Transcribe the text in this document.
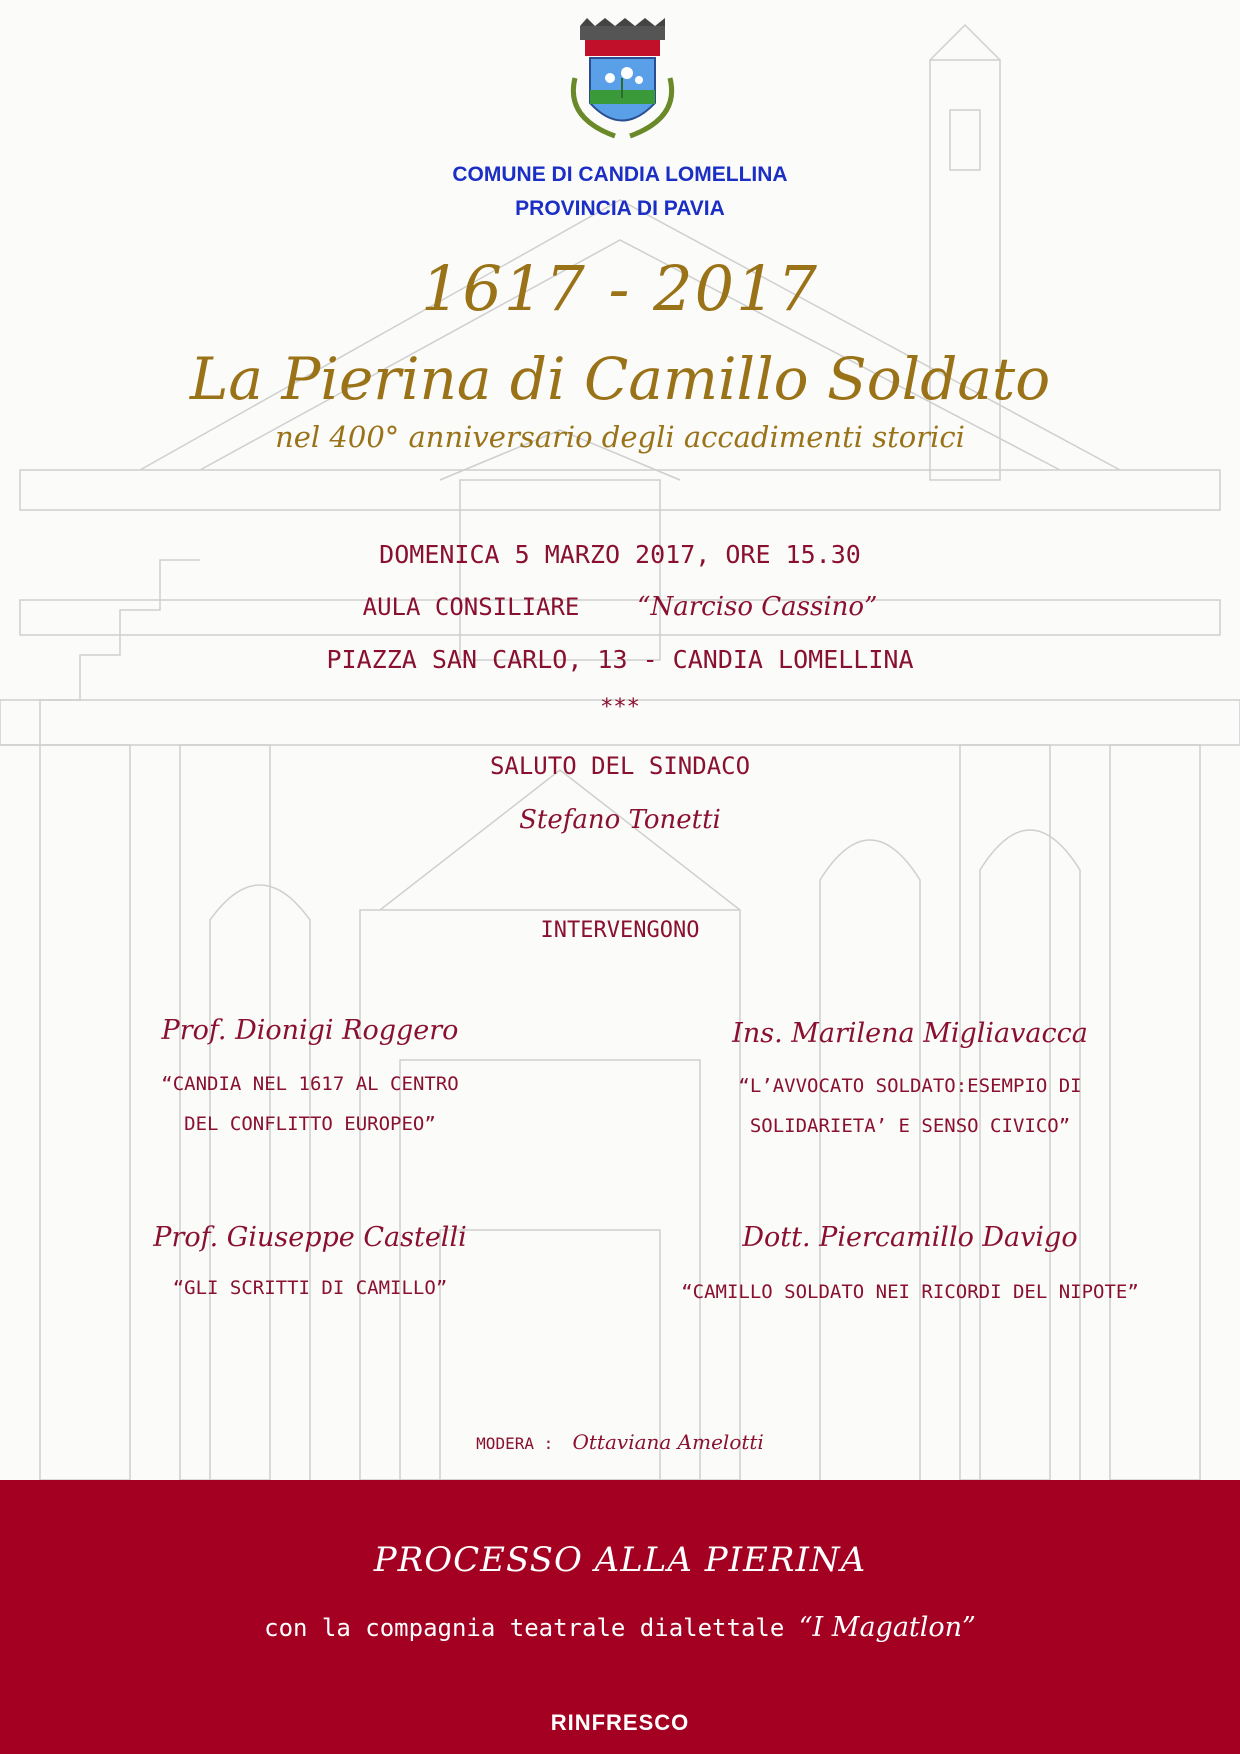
COMUNE DI CANDIA LOMELLINA
PROVINCIA DI PAVIA
1617 - 2017
La Pierina di Camillo Soldato
nel 400° anniversario degli accadimenti storici
DOMENICA 5 MARZO 2017, ORE 15.30
AULA CONSILIARE “Narciso Cassino”
PIAZZA SAN CARLO, 13 - CANDIA LOMELLINA
***
SALUTO DEL SINDACO
Stefano Tonetti
INTERVENGONO
Prof. Dionigi Roggero
“CANDIA NEL 1617 AL CENTRO
DEL CONFLITTO EUROPEO”
Ins. Marilena Migliavacca
“L’AVVOCATO SOLDATO:ESEMPIO DI
SOLIDARIETA’ E SENSO CIVICO”
Prof. Giuseppe Castelli
“GLI SCRITTI DI CAMILLO”
Dott. Piercamillo Davigo
“CAMILLO SOLDATO NEI RICORDI DEL NIPOTE”
MODERA : Ottaviana Amelotti
PROCESSO ALLA PIERINA
con la compagnia teatrale dialettale “I Magatlon”
RINFRESCO
